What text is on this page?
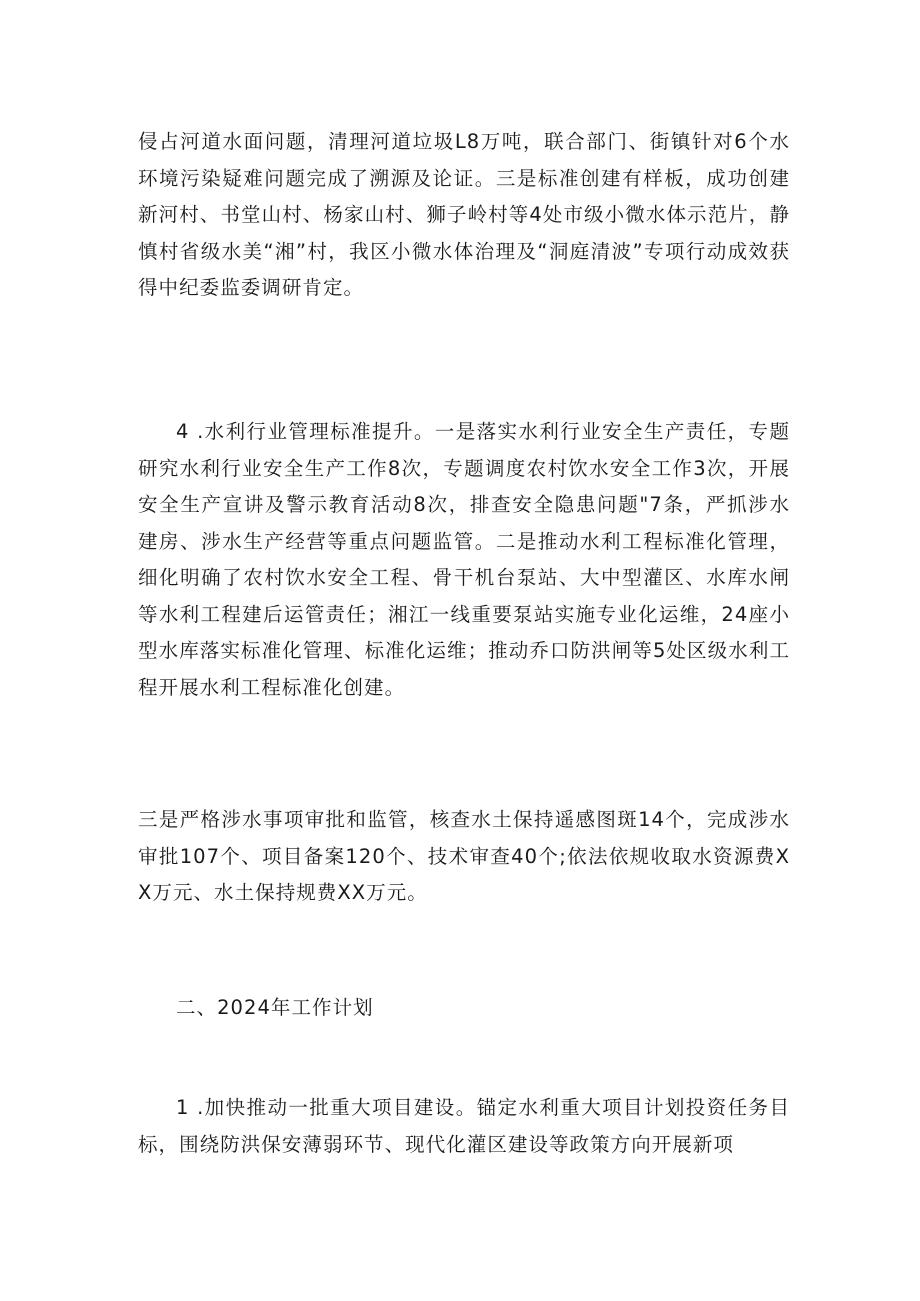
侵占河道水面问题，清理河道垃圾L8万吨，联合部门、街镇针对6个水环境污染疑难问题完成了溯源及论证。三是标准创建有样板，成功创建新河村、书堂山村、杨家山村、狮子岭村等4处市级小微水体示范片，静慎村省级水美“湘”村，我区小微水体治理及“洞庭清波”专项行动成效获得中纪委监委调研肯定。

4 .水利行业管理标准提升。一是落实水利行业安全生产责任，专题研究水利行业安全生产工作8次，专题调度农村饮水安全工作3次，开展安全生产宣讲及警示教育活动8次，排查安全隐患问题"7条，严抓涉水建房、涉水生产经营等重点问题监管。二是推动水利工程标准化管理，细化明确了农村饮水安全工程、骨干机台泵站、大中型灌区、水库水闸等水利工程建后运管责任；湘江一线重要泵站实施专业化运维，24座小型水库落实标准化管理、标准化运维；推动乔口防洪闸等5处区级水利工程开展水利工程标准化创建。

三是严格涉水事项审批和监管，核查水土保持遥感图斑14个，完成涉水审批107个、项目备案120个、技术审查40个;依法依规收取水资源费XX万元、水土保持规费XX万元。

二、2024年工作计划

1 .加快推动一批重大项目建设。锚定水利重大项目计划投资任务目标，围绕防洪保安薄弱环节、现代化灌区建设等政策方向开展新项
